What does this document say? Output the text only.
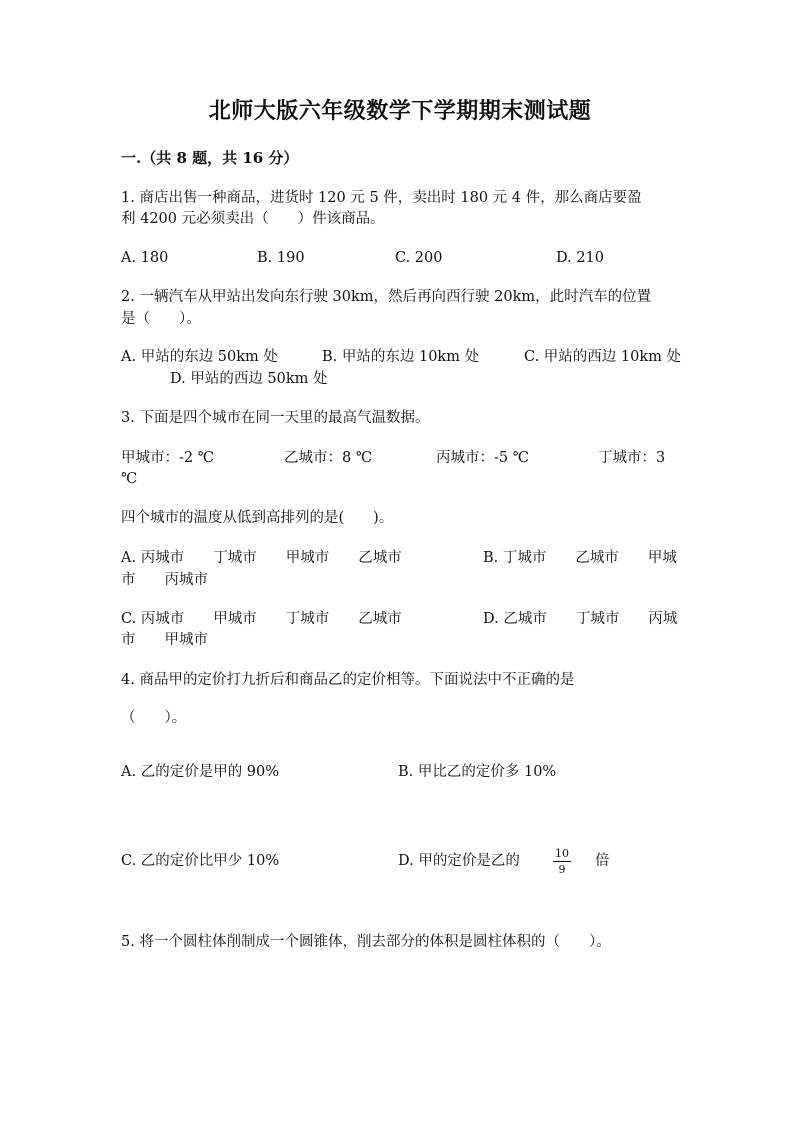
北师大版六年级数学下学期期末测试题
一.（共 8 题，共 16 分）
1. 商店出售一种商品，进货时 120 元 5 件，卖出时 180 元 4 件，那么商店要盈
利 4200 元必须卖出（　　）件该商品。
A. 180	B. 190	C. 200	D. 210
2. 一辆汽车从甲站出发向东行驶 30km，然后再向西行驶 20km，此时汽车的位置
是（　　）。
A. 甲站的东边 50km 处	B. 甲站的东边 10km 处	C. 甲站的西边 10km 处
D. 甲站的西边 50km 处
3. 下面是四个城市在同一天里的最高气温数据。
甲城市：-2 ℃	乙城市：8 ℃	丙城市：-5 ℃	丁城市：3
℃
四个城市的温度从低到高排列的是(　　)。
A. 丙城市　　丁城市　　甲城市　　乙城市
市　　丙城市
B. 丁城市　　乙城市　　甲城
C. 丙城市　　甲城市　　丁城市　　乙城市
市　　甲城市
D. 乙城市　　丁城市　　丙城
4. 商品甲的定价打九折后和商品乙的定价相等。下面说法中不正确的是
（　　）。
A. 乙的定价是甲的 90%	B. 甲比乙的定价多 10%
C. 乙的定价比甲少 10%	D. 甲的定价是乙的	10
9
倍
5. 将一个圆柱体削制成一个圆锥体，削去部分的体积是圆柱体积的（　　）。
